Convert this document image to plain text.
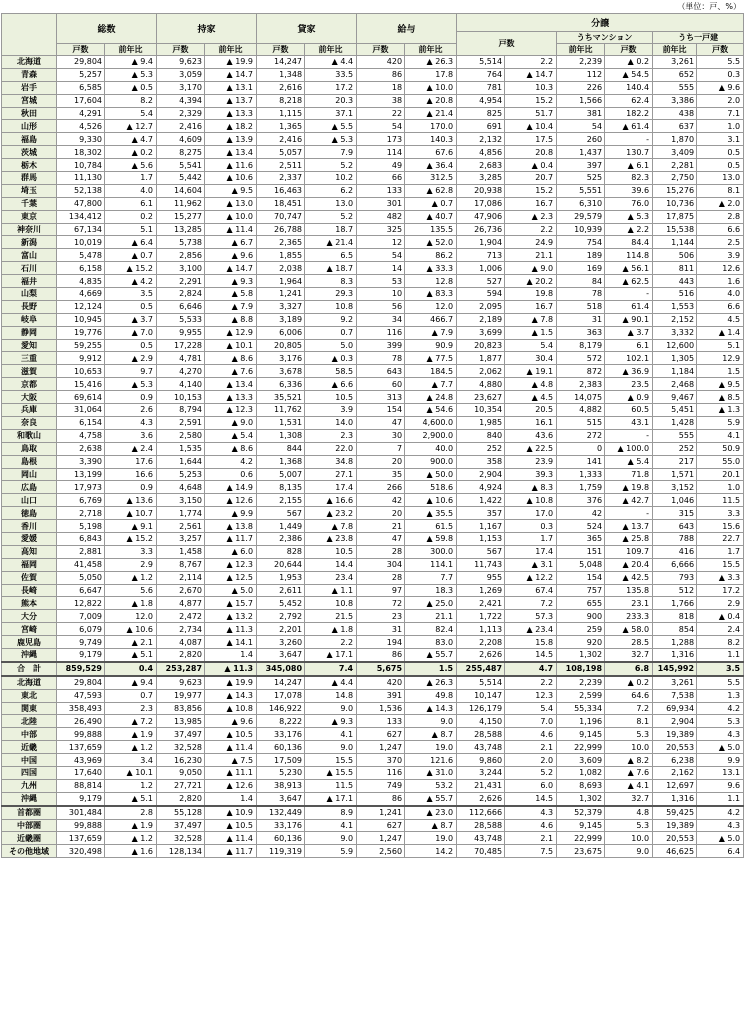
（単位：戸、%）
	総数		持家		貸家		給与		分譲						
									戸数		うちマンション		うち一戸建		
	戸数	前年比	戸数	前年比	戸数	前年比	戸数	前年比			前年比	戸数	前年比	戸数	
北海道	29,804	▲ 9.4	9,623	▲ 19.9	14,247	▲ 4.4	420	▲ 26.3	5,514	2.2	2,239	▲ 0.2	3,261	5.5	
青森	5,257	▲ 5.3	3,059	▲ 14.7	1,348	33.5	86	17.8	764	▲ 14.7	112	▲ 54.5	652	0.3	
岩手	6,585	▲ 0.5	3,170	▲ 13.1	2,616	17.2	18	▲ 10.0	781	10.3	226	140.4	555	▲ 9.6	
宮城	17,604	8.2	4,394	▲ 13.7	8,218	20.3	38	▲ 20.8	4,954	15.2	1,566	62.4	3,386	2.0	
秋田	4,291	5.4	2,329	▲ 13.3	1,115	37.1	22	▲ 21.4	825	51.7	381	182.2	438	7.1	
山形	4,526	▲ 12.7	2,416	▲ 18.2	1,365	▲ 5.5	54	170.0	691	▲ 10.4	54	▲ 61.4	637	1.0	
福島	9,330	▲ 4.7	4,609	▲ 13.9	2,416	▲ 5.3	173	140.3	2,132	17.5	260	-	1,870	3.1	
茨城	18,302	▲ 0.2	8,275	▲ 13.4	5,057	7.9	114	67.6	4,856	20.8	1,437	130.7	3,409	0.5	
栃木	10,784	▲ 5.6	5,541	▲ 11.6	2,511	5.2	49	▲ 36.4	2,683	▲ 0.4	397	▲ 6.1	2,281	0.5	
群馬	11,130	1.7	5,442	▲ 10.6	2,337	10.2	66	312.5	3,285	20.7	525	82.3	2,750	13.0	
埼玉	52,138	4.0	14,604	▲ 9.5	16,463	6.2	133	▲ 62.8	20,938	15.2	5,551	39.6	15,276	8.1	
千葉	47,800	6.1	11,962	▲ 13.0	18,451	13.0	301	▲ 0.7	17,086	16.7	6,310	76.0	10,736	▲ 2.0	
東京	134,412	0.2	15,277	▲ 10.0	70,747	5.2	482	▲ 40.7	47,906	▲ 2.3	29,579	▲ 5.3	17,875	2.8	
神奈川	67,134	5.1	13,285	▲ 11.4	26,788	18.7	325	135.5	26,736	2.2	10,939	▲ 2.2	15,538	6.6	
新潟	10,019	▲ 6.4	5,738	▲ 6.7	2,365	▲ 21.4	12	▲ 52.0	1,904	24.9	754	84.4	1,144	2.5	
富山	5,478	▲ 0.7	2,856	▲ 9.6	1,855	6.5	54	86.2	713	21.1	189	114.8	506	3.9	
石川	6,158	▲ 15.2	3,100	▲ 14.7	2,038	▲ 18.7	14	▲ 33.3	1,006	▲ 9.0	169	▲ 56.1	811	12.6	
福井	4,835	▲ 4.2	2,291	▲ 9.3	1,964	8.3	53	12.8	527	▲ 20.2	84	▲ 62.5	443	1.6	
山梨	4,669	3.5	2,824	▲ 5.8	1,241	29.3	10	▲ 83.3	594	19.8	78	-	516	4.0	
長野	12,124	0.5	6,646	▲ 7.9	3,327	10.8	56	12.0	2,095	16.7	518	61.4	1,553	6.6	
岐阜	10,945	▲ 3.7	5,533	▲ 8.8	3,189	9.2	34	466.7	2,189	▲ 7.8	31	▲ 90.1	2,152	4.5	
静岡	19,776	▲ 7.0	9,955	▲ 12.9	6,006	0.7	116	▲ 7.9	3,699	▲ 1.5	363	▲ 3.7	3,332	▲ 1.4	
愛知	59,255	0.5	17,228	▲ 10.1	20,805	5.0	399	90.9	20,823	5.4	8,179	6.1	12,600	5.1	
三重	9,912	▲ 2.9	4,781	▲ 8.6	3,176	▲ 0.3	78	▲ 77.5	1,877	30.4	572	102.1	1,305	12.9	
滋賀	10,653	9.7	4,270	▲ 7.6	3,678	58.5	643	184.5	2,062	▲ 19.1	872	▲ 36.9	1,184	1.5	
京都	15,416	▲ 5.3	4,140	▲ 13.4	6,336	▲ 6.6	60	▲ 7.7	4,880	▲ 4.8	2,383	23.5	2,468	▲ 9.5	
大阪	69,614	0.9	10,153	▲ 13.3	35,521	10.5	313	▲ 24.8	23,627	▲ 4.5	14,075	▲ 0.9	9,467	▲ 8.5	
兵庫	31,064	2.6	8,794	▲ 12.3	11,762	3.9	154	▲ 54.6	10,354	20.5	4,882	60.5	5,451	▲ 1.3	
奈良	6,154	4.3	2,591	▲ 9.0	1,531	14.0	47	4,600.0	1,985	16.1	515	43.1	1,428	5.9	
和歌山	4,758	3.6	2,580	▲ 5.4	1,308	2.3	30	2,900.0	840	43.6	272	-	555	4.1	
鳥取	2,638	▲ 2.4	1,535	▲ 8.6	844	22.0	7	40.0	252	▲ 22.5	0	▲ 100.0	252	50.9	
島根	3,390	17.6	1,644	4.2	1,368	34.8	20	900.0	358	23.9	141	▲ 5.4	217	55.0	
岡山	13,199	16.6	5,253	0.6	5,007	27.1	35	▲ 50.0	2,904	39.3	1,333	71.8	1,571	20.1	
広島	17,973	0.9	4,648	▲ 14.9	8,135	17.4	266	518.6	4,924	▲ 8.3	1,759	▲ 19.8	3,152	1.0	
山口	6,769	▲ 13.6	3,150	▲ 12.6	2,155	▲ 16.6	42	▲ 10.6	1,422	▲ 10.8	376	▲ 42.7	1,046	11.5	
徳島	2,718	▲ 10.7	1,774	▲ 9.9	567	▲ 23.2	20	▲ 35.5	357	17.0	42	-	315	3.3	
香川	5,198	▲ 9.1	2,561	▲ 13.8	1,449	▲ 7.8	21	61.5	1,167	0.3	524	▲ 13.7	643	15.6	
愛媛	6,843	▲ 15.2	3,257	▲ 11.7	2,386	▲ 23.8	47	▲ 59.8	1,153	1.7	365	▲ 25.8	788	22.7	
高知	2,881	3.3	1,458	▲ 6.0	828	10.5	28	300.0	567	17.4	151	109.7	416	1.7	
福岡	41,458	2.9	8,767	▲ 12.3	20,644	14.4	304	114.1	11,743	▲ 3.1	5,048	▲ 20.4	6,666	15.5	
佐賀	5,050	▲ 1.2	2,114	▲ 12.5	1,953	23.4	28	7.7	955	▲ 12.2	154	▲ 42.5	793	▲ 3.3	
長崎	6,647	5.6	2,670	▲ 5.0	2,611	▲ 1.1	97	18.3	1,269	67.4	757	135.8	512	17.2	
熊本	12,822	▲ 1.8	4,877	▲ 15.7	5,452	10.8	72	▲ 25.0	2,421	7.2	655	23.1	1,766	2.9	
大分	7,009	12.0	2,472	▲ 13.2	2,792	21.5	23	21.1	1,722	57.3	900	233.3	818	▲ 0.4	
宮崎	6,079	▲ 10.6	2,734	▲ 11.3	2,201	▲ 1.8	31	82.4	1,113	▲ 23.4	259	▲ 58.0	854	2.4	
鹿児島	9,749	▲ 2.1	4,087	▲ 14.1	3,260	2.2	194	83.0	2,208	15.8	920	28.5	1,288	8.2	
沖縄	9,179	▲ 5.1	2,820	1.4	3,647	▲ 17.1	86	▲ 55.7	2,626	14.5	1,302	32.7	1,316	1.1	
合　計	859,529	0.4	253,287	▲ 11.3	345,080	7.4	5,675	1.5	255,487	4.7	108,198	6.8	145,992	3.5	
北海道	29,804	▲ 9.4	9,623	▲ 19.9	14,247	▲ 4.4	420	▲ 26.3	5,514	2.2	2,239	▲ 0.2	3,261	5.5	
東北	47,593	0.7	19,977	▲ 14.3	17,078	14.8	391	49.8	10,147	12.3	2,599	64.6	7,538	1.3	
関東	358,493	2.3	83,856	▲ 10.8	146,922	9.0	1,536	▲ 14.3	126,179	5.4	55,334	7.2	69,934	4.2	
北陸	26,490	▲ 7.2	13,985	▲ 9.6	8,222	▲ 9.3	133	9.0	4,150	7.0	1,196	8.1	2,904	5.3	
中部	99,888	▲ 1.9	37,497	▲ 10.5	33,176	4.1	627	▲ 8.7	28,588	4.6	9,145	5.3	19,389	4.3	
近畿	137,659	▲ 1.2	32,528	▲ 11.4	60,136	9.0	1,247	19.0	43,748	2.1	22,999	10.0	20,553	▲ 5.0	
中国	43,969	3.4	16,230	▲ 7.5	17,509	15.5	370	121.6	9,860	2.0	3,609	▲ 8.2	6,238	9.9	
四国	17,640	▲ 10.1	9,050	▲ 11.1	5,230	▲ 15.5	116	▲ 31.0	3,244	5.2	1,082	▲ 7.6	2,162	13.1	
九州	88,814	1.2	27,721	▲ 12.6	38,913	11.5	749	53.2	21,431	6.0	8,693	▲ 4.1	12,697	9.6	
沖縄	9,179	▲ 5.1	2,820	1.4	3,647	▲ 17.1	86	▲ 55.7	2,626	14.5	1,302	32.7	1,316	1.1	
首都圏	301,484	2.8	55,128	▲ 10.9	132,449	8.9	1,241	▲ 23.0	112,666	4.3	52,379	4.8	59,425	4.2	
中部圏	99,888	▲ 1.9	37,497	▲ 10.5	33,176	4.1	627	▲ 8.7	28,588	4.6	9,145	5.3	19,389	4.3	
近畿圏	137,659	▲ 1.2	32,528	▲ 11.4	60,136	9.0	1,247	19.0	43,748	2.1	22,999	10.0	20,553	▲ 5.0	
その他地域	320,498	▲ 1.6	128,134	▲ 11.7	119,319	5.9	2,560	14.2	70,485	7.5	23,675	9.0	46,625	6.4	
